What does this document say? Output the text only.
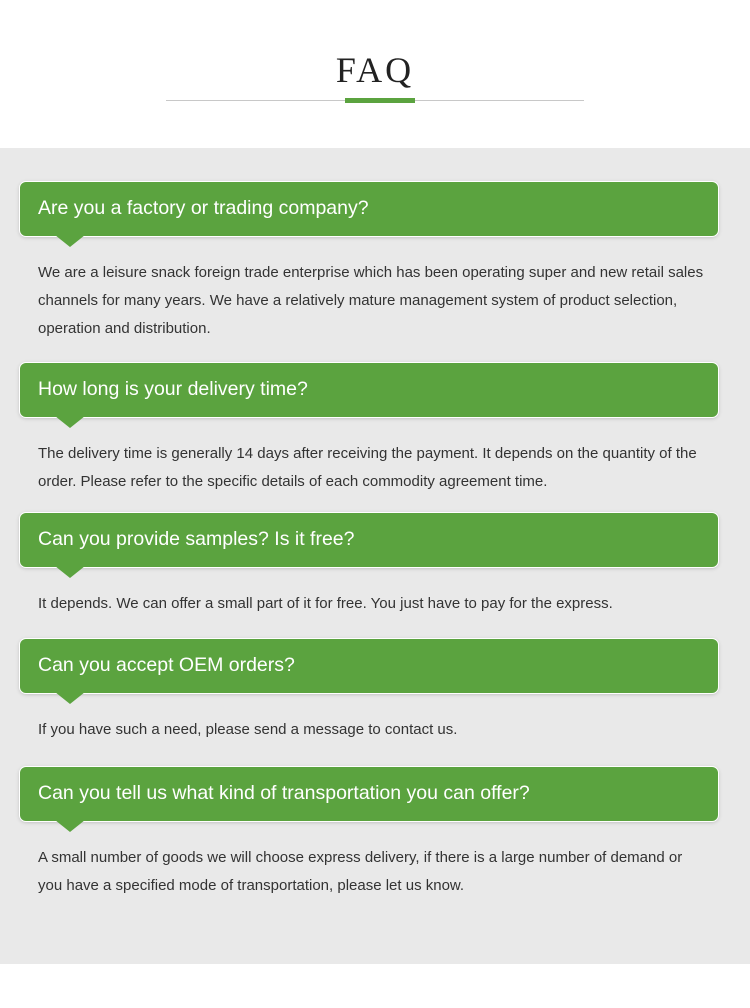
FAQ
Are you a factory or trading company?
We are a leisure snack foreign trade enterprise which has been operating super and new retail sales channels for many years. We have a relatively mature management system of product selection, operation and distribution.
How long is your delivery time?
The delivery time is generally 14 days after receiving the payment. It depends on the quantity of the order. Please refer to the specific details of each commodity agreement time.
Can you provide samples? Is it free?
It depends. We can offer a small part of it for free. You just have to pay for the express.
Can you accept OEM orders?
If you have such a need, please send a message to contact us.
Can you tell us what kind of transportation you can offer?
A small number of goods we will choose express delivery, if there is a large number of demand or you have a specified mode of transportation, please let us know.
